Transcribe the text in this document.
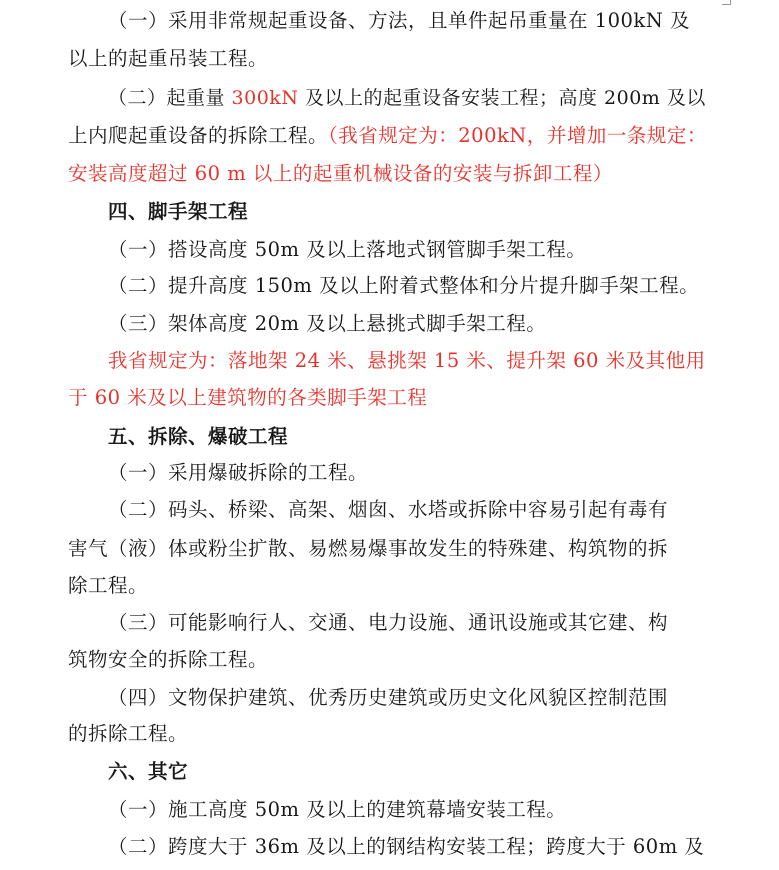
（一）采用非常规起重设备、方法，且单件起吊重量在 100kN 及
以上的起重吊装工程。
（二）起重量 300kN 及以上的起重设备安装工程；高度 200m 及以
上内爬起重设备的拆除工程。（我省规定为：200kN，并增加一条规定：
安装高度超过 60 m 以上的起重机械设备的安装与拆卸工程）
四、脚手架工程
（一）搭设高度 50m 及以上落地式钢管脚手架工程。
（二）提升高度 150m 及以上附着式整体和分片提升脚手架工程。
（三）架体高度 20m 及以上悬挑式脚手架工程。
我省规定为：落地架 24 米、悬挑架 15 米、提升架 60 米及其他用
于 60 米及以上建筑物的各类脚手架工程
五、拆除、爆破工程
（一）采用爆破拆除的工程。
（二）码头、桥梁、高架、烟囱、水塔或拆除中容易引起有毒有
害气（液）体或粉尘扩散、易燃易爆事故发生的特殊建、构筑物的拆
除工程。
（三）可能影响行人、交通、电力设施、通讯设施或其它建、构
筑物安全的拆除工程。
（四）文物保护建筑、优秀历史建筑或历史文化风貌区控制范围
的拆除工程。
六、其它
（一）施工高度 50m 及以上的建筑幕墙安装工程。
（二）跨度大于 36m 及以上的钢结构安装工程；跨度大于 60m 及
